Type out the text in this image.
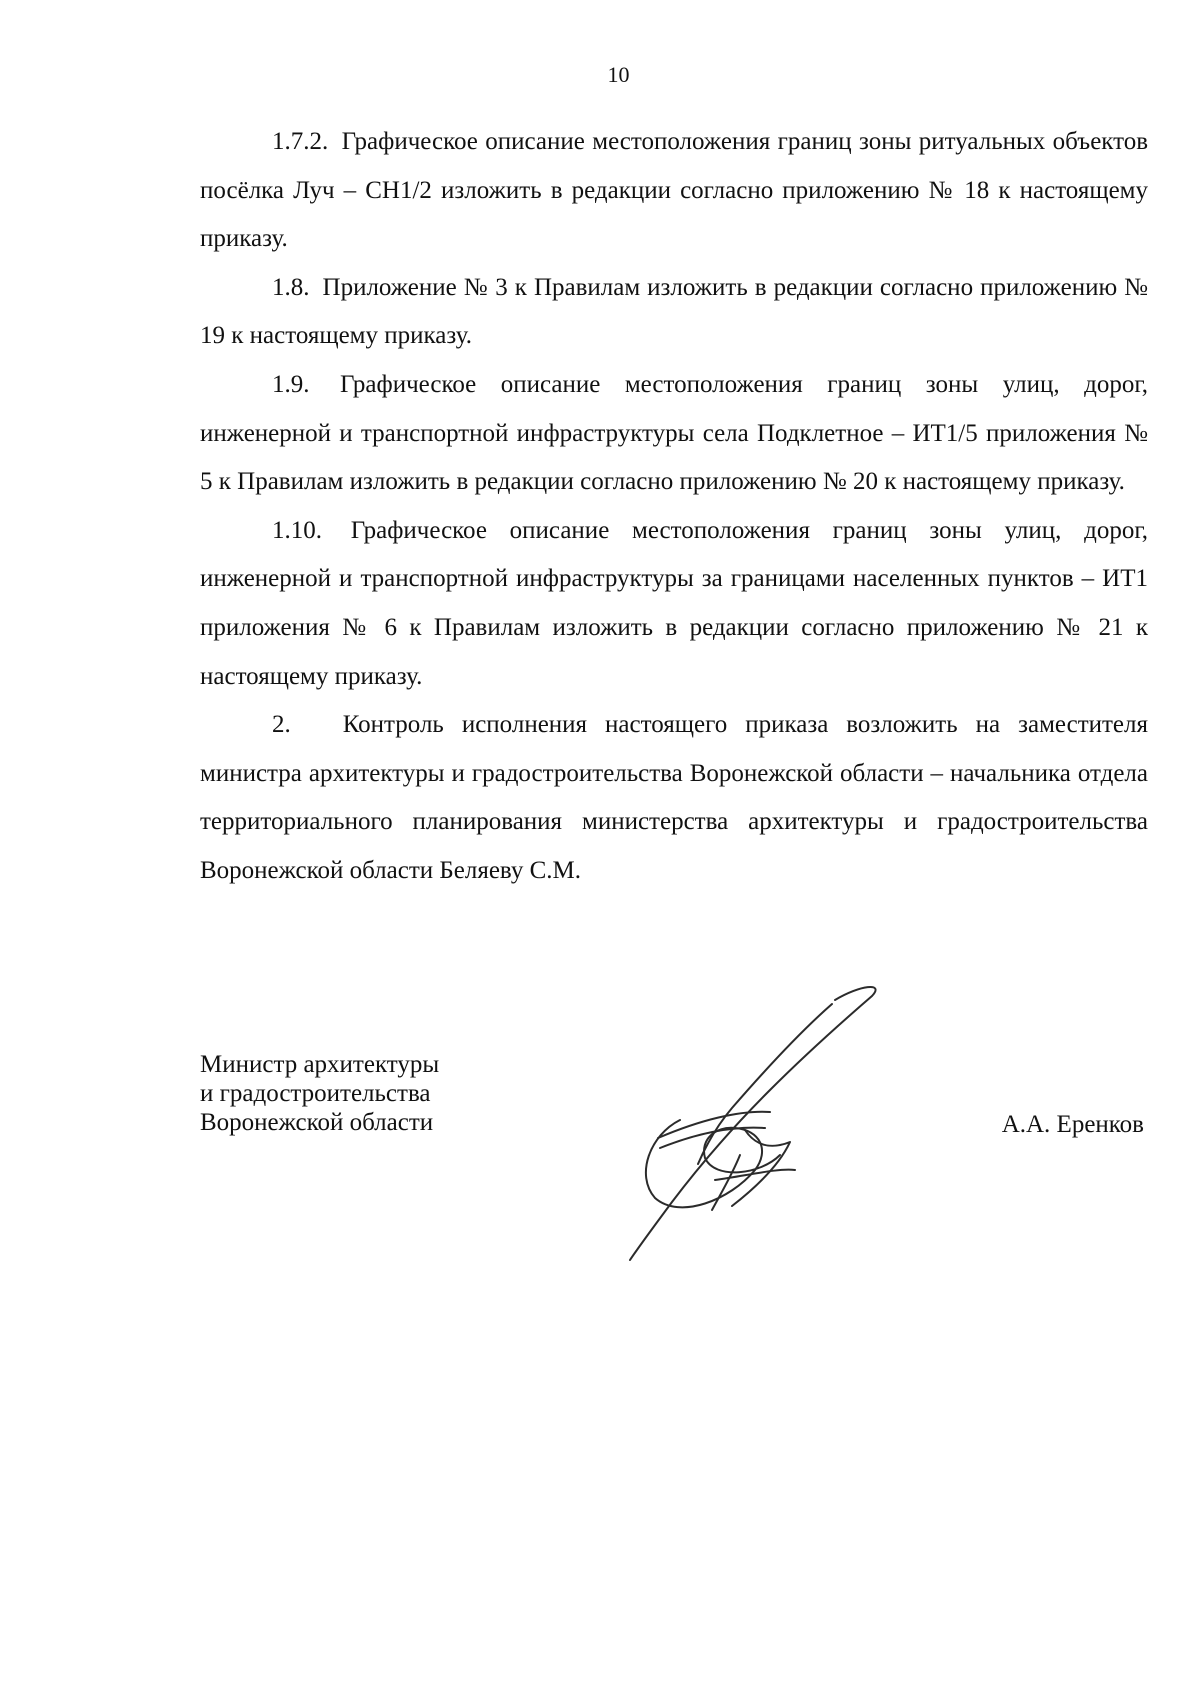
10

1.7.2. Графическое описание местоположения границ зоны ритуальных объектов посёлка Луч – СН1/2 изложить в редакции согласно приложению № 18 к настоящему приказу.

1.8. Приложение № 3 к Правилам изложить в редакции согласно приложению № 19 к настоящему приказу.

1.9. Графическое описание местоположения границ зоны улиц, дорог, инженерной и транспортной инфраструктуры села Подклетное – ИТ1/5 приложения № 5 к Правилам изложить в редакции согласно приложению № 20 к настоящему приказу.

1.10. Графическое описание местоположения границ зоны улиц, дорог, инженерной и транспортной инфраструктуры за границами населенных пунктов – ИТ1 приложения № 6 к Правилам изложить в редакции согласно приложению № 21 к настоящему приказу.

2. Контроль исполнения настоящего приказа возложить на заместителя министра архитектуры и градостроительства Воронежской области – начальника отдела территориального планирования министерства архитектуры и градостроительства Воронежской области Беляеву С.М.

Министр архитектуры
и градостроительства
Воронежской области	А.А. Еренков
